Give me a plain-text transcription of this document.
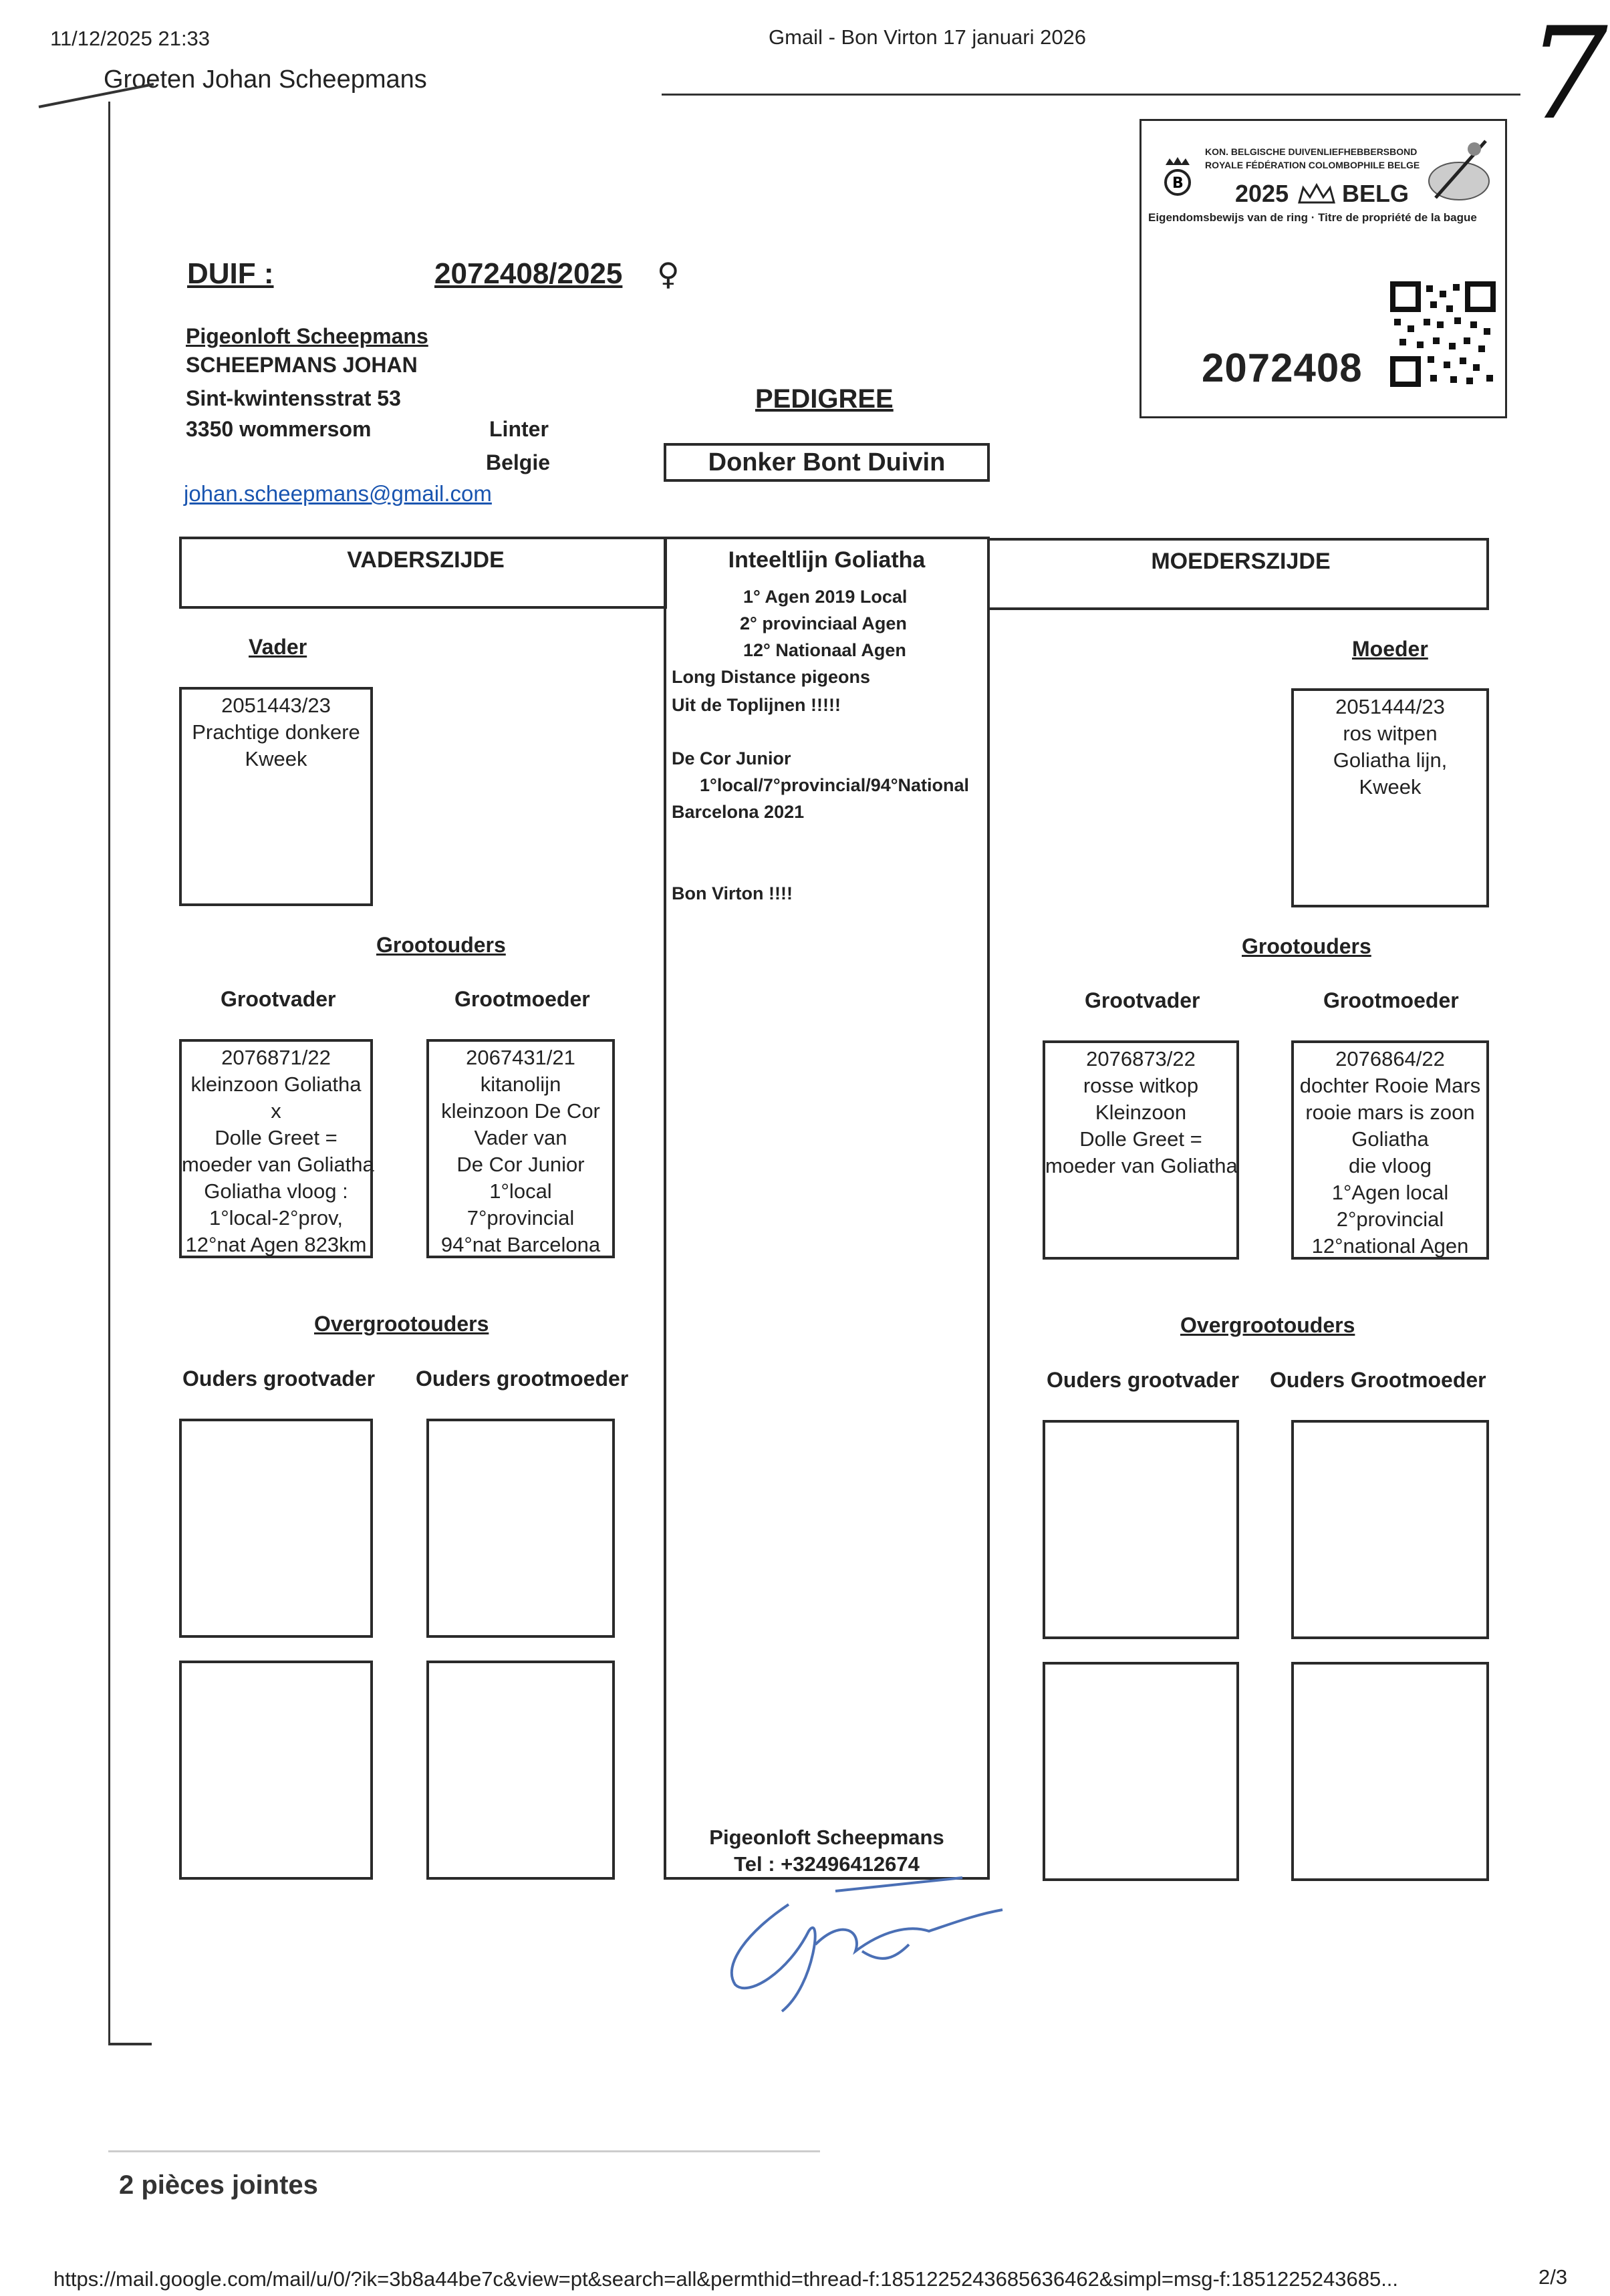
11/12/2025 21:33	Gmail - Bon Virton 17 januari 2026	7
Groeten Johan Scheepmans
B
KON. BELGISCHE DUIVENLIEFHEBBERSBOND
ROYALE FÉDÉRATION COLOMBOPHILE BELGE
2025 BELG
Eigendomsbewijs van de ring · Titre de propriété de la bague
2072408
DUIF :	2072408/2025 ♀
Pigeonloft Scheepmans
SCHEEPMANS JOHAN
Sint-kwintensstrat 53
3350 wommersom	Linter
Belgie
johan.scheepmans@gmail.com
PEDIGREE
Donker Bont Duivin
VADERSZIJDE	MOEDERSZIJDE
Inteeltlijn Goliatha
1° Agen 2019 Local
2° provinciaal Agen
12° Nationaal Agen
Long Distance pigeons
Uit de Toplijnen !!!!!
De Cor Junior
1°local/7°provincial/94°National
Barcelona 2021
Bon Virton !!!!
Pigeonloft Scheepmans
Tel : +32496412674
Vader
2051443/23
Prachtige donkere
Kweek
Grootouders
Grootvader	Grootmoeder
2076871/22
kleinzoon Goliatha
x
Dolle Greet =
moeder van Goliatha
Goliatha vloog :
1°local-2°prov,
12°nat Agen 823km
2067431/21
kitanolijn
kleinzoon De Cor
Vader van
De Cor Junior
1°local
7°provincial
94°nat Barcelona
Overgrootouders
Ouders grootvader Ouders grootmoeder
Moeder
2051444/23
ros witpen
Goliatha lijn,
Kweek
Grootouders
Grootvader	Grootmoeder
2076873/22
rosse witkop
Kleinzoon
Dolle Greet =
moeder van Goliatha
2076864/22
dochter Rooie Mars
rooie mars is zoon
Goliatha
die vloog
1°Agen local
2°provincial
12°national Agen
Overgrootouders
Ouders grootvader Ouders Grootmoeder
2 pièces jointes
https://mail.google.com/mail/u/0/?ik=3b8a44be7c&view=pt&search=all&permthid=thread-f:1851225243685636462&simpl=msg-f:1851225243685...	2/3
